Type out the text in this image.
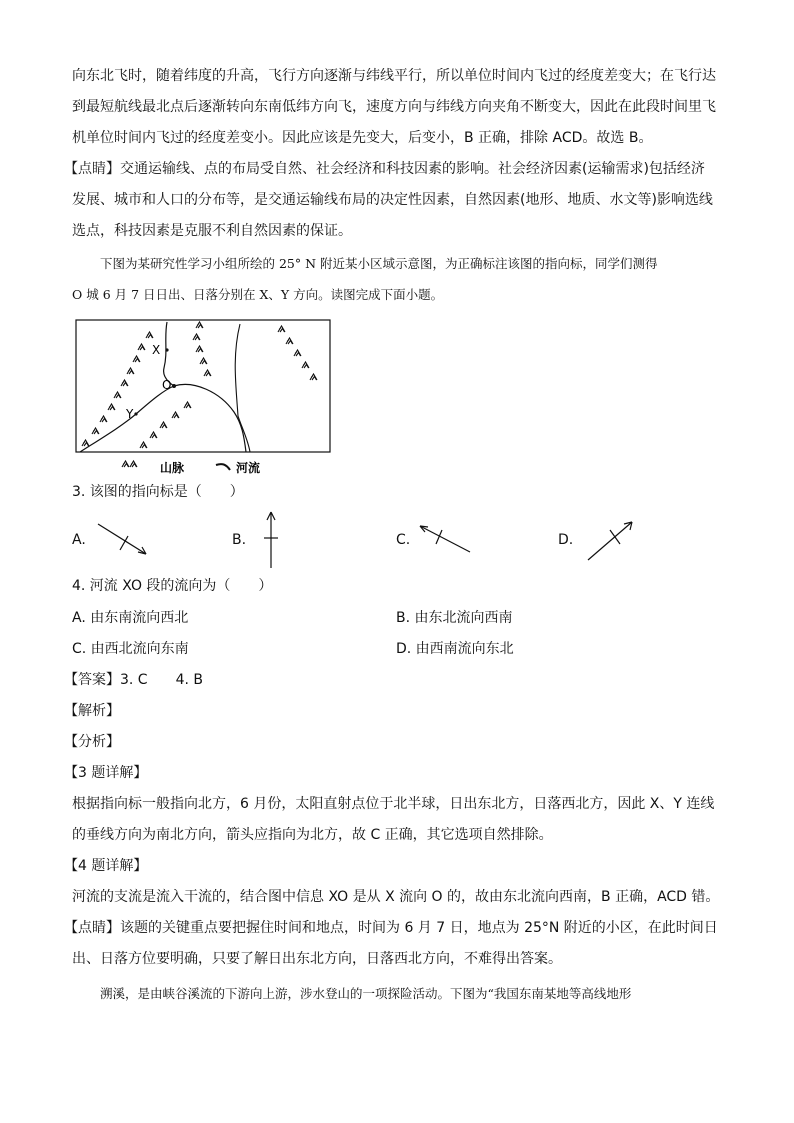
向东北飞时，随着纬度的升高，飞行方向逐渐与纬线平行，所以单位时间内飞过的经度差变大；在飞行达
到最短航线最北点后逐渐转向东南低纬方向飞，速度方向与纬线方向夹角不断变大，因此在此段时间里飞
机单位时间内飞过的经度差变小。因此应该是先变大，后变小，B 正确，排除 ACD。故选 B。
【点睛】交通运输线、点的布局受自然、社会经济和科技因素的影响。社会经济因素(运输需求)包括经济
发展、城市和人口的分布等，是交通运输线布局的决定性因素，自然因素(地形、地质、水文等)影响选线
选点，科技因素是克服不利自然因素的保证。
下图为某研究性学习小组所绘的 25° N 附近某小区域示意图，为正确标注该图的指向标，同学们测得
O 城 6 月 7 日日出、日落分别在 X、Y 方向。读图完成下面小题。
X
O
Y
山脉	河流
3. 该图的指向标是（　　）
A.	B.	C.	D.
4. 河流 XO 段的流向为（　　）
A. 由东南流向西北	B. 由东北流向西南
C. 由西北流向东南	D. 由西南流向东北
【答案】3. C　　4. B
【解析】
【分析】
【3 题详解】
根据指向标一般指向北方，6 月份，太阳直射点位于北半球，日出东北方，日落西北方，因此 X、Y 连线
的垂线方向为南北方向，箭头应指向为北方，故 C 正确，其它选项自然排除。
【4 题详解】
河流的支流是流入干流的，结合图中信息 XO 是从 X 流向 O 的，故由东北流向西南，B 正确，ACD 错。
【点睛】该题的关键重点要把握住时间和地点，时间为 6 月 7 日，地点为 25°N 附近的小区，在此时间日
出、日落方位要明确，只要了解日出东北方向，日落西北方向，不难得出答案。
溯溪，是由峡谷溪流的下游向上游，涉水登山的一项探险活动。下图为“我国东南某地等高线地形
